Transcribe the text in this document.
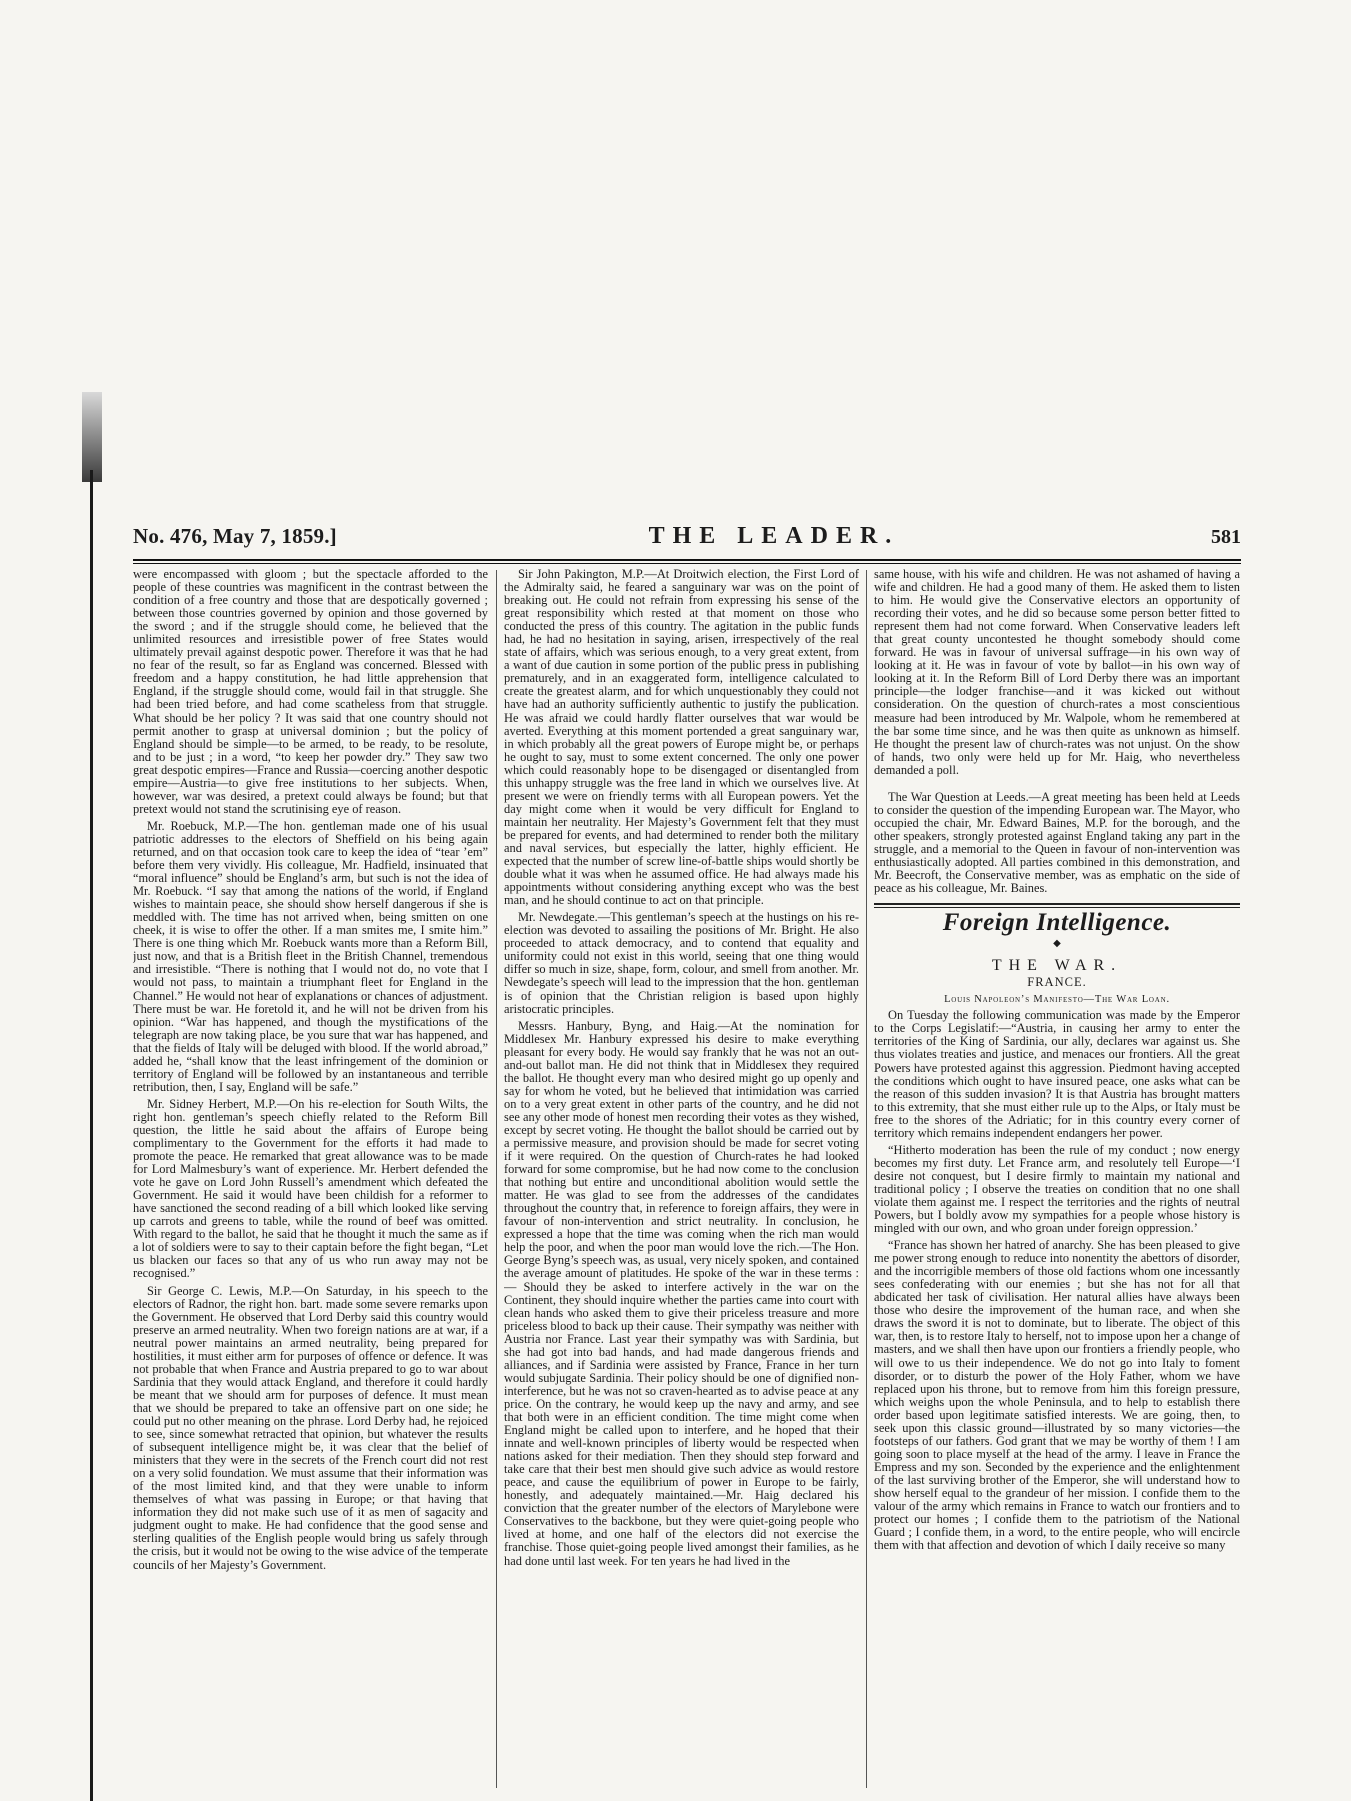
No. 476, May 7, 1859.]	THE LEADER.	581

were encompassed with gloom ; but the spectacle afforded to the people of these countries was magnificent in the contrast between the condition of a free country and those that are despotically governed ; between those countries governed by opinion and those governed by the sword ; and if the struggle should come, he believed that the unlimited resources and irresistible power of free States would ultimately prevail against despotic power. Therefore it was that he had no fear of the result, so far as England was concerned. Blessed with freedom and a happy constitution, he had little apprehension that England, if the struggle should come, would fail in that struggle. She had been tried before, and had come scatheless from that struggle. What should be her policy ? It was said that one country should not permit another to grasp at universal dominion ; but the policy of England should be simple—to be armed, to be ready, to be resolute, and to be just ; in a word, “to keep her powder dry.” They saw two great despotic empires—France and Russia—coercing another despotic empire—Austria—to give free institutions to her subjects. When, however, war was desired, a pretext could always be found; but that pretext would not stand the scrutinising eye of reason.

Mr. Roebuck, M.P.—The hon. gentleman made one of his usual patriotic addresses to the electors of Sheffield on his being again returned, and on that occasion took care to keep the idea of “tear ’em” before them very vividly. His colleague, Mr. Hadfield, insinuated that “moral influence” should be England’s arm, but such is not the idea of Mr. Roebuck. “I say that among the nations of the world, if England wishes to maintain peace, she should show herself dangerous if she is meddled with. The time has not arrived when, being smitten on one cheek, it is wise to offer the other. If a man smites me, I smite him.” There is one thing which Mr. Roebuck wants more than a Reform Bill, just now, and that is a British fleet in the British Channel, tremendous and irresistible. “There is nothing that I would not do, no vote that I would not pass, to maintain a triumphant fleet for England in the Channel.” He would not hear of explanations or chances of adjustment. There must be war. He foretold it, and he will not be driven from his opinion. “War has happened, and though the mystifications of the telegraph are now taking place, be you sure that war has happened, and that the fields of Italy will be deluged with blood. If the world abroad,” added he, “shall know that the least infringement of the dominion or territory of England will be followed by an instantaneous and terrible retribution, then, I say, England will be safe.”

Mr. Sidney Herbert, M.P.—On his re-election for South Wilts, the right hon. gentleman’s speech chiefly related to the Reform Bill question, the little he said about the affairs of Europe being complimentary to the Government for the efforts it had made to promote the peace. He remarked that great allowance was to be made for Lord Malmesbury’s want of experience. Mr. Herbert defended the vote he gave on Lord John Russell’s amendment which defeated the Government. He said it would have been childish for a reformer to have sanctioned the second reading of a bill which looked like serving up carrots and greens to table, while the round of beef was omitted. With regard to the ballot, he said that he thought it much the same as if a lot of soldiers were to say to their captain before the fight began, “Let us blacken our faces so that any of us who run away may not be recognised.”

Sir George C. Lewis, M.P.—On Saturday, in his speech to the electors of Radnor, the right hon. bart. made some severe remarks upon the Government. He observed that Lord Derby said this country would preserve an armed neutrality. When two foreign nations are at war, if a neutral power maintains an armed neutrality, being prepared for hostilities, it must either arm for purposes of offence or defence. It was not probable that when France and Austria prepared to go to war about Sardinia that they would attack England, and therefore it could hardly be meant that we should arm for purposes of defence. It must mean that we should be prepared to take an offensive part on one side; he could put no other meaning on the phrase. Lord Derby had, he rejoiced to see, since somewhat retracted that opinion, but whatever the results of subsequent intelligence might be, it was clear that the belief of ministers that they were in the secrets of the French court did not rest on a very solid foundation. We must assume that their information was of the most limited kind, and that they were unable to inform themselves of what was passing in Europe; or that having that information they did not make such use of it as men of sagacity and judgment ought to make. He had confidence that the good sense and sterling qualities of the English people would bring us safely through the crisis, but it would not be owing to the wise advice of the temperate councils of her Majesty’s Government.

Sir John Pakington, M.P.—At Droitwich election, the First Lord of the Admiralty said, he feared a sanguinary war was on the point of breaking out. He could not refrain from expressing his sense of the great responsibility which rested at that moment on those who conducted the press of this country. The agitation in the public funds had, he had no hesitation in saying, arisen, irrespectively of the real state of affairs, which was serious enough, to a very great extent, from a want of due caution in some portion of the public press in publishing prematurely, and in an exaggerated form, intelligence calculated to create the greatest alarm, and for which unquestionably they could not have had an authority sufficiently authentic to justify the publication. He was afraid we could hardly flatter ourselves that war would be averted. Everything at this moment portended a great sanguinary war, in which probably all the great powers of Europe might be, or perhaps he ought to say, must to some extent concerned. The only one power which could reasonably hope to be disengaged or disentangled from this unhappy struggle was the free land in which we ourselves live. At present we were on friendly terms with all European powers. Yet the day might come when it would be very difficult for England to maintain her neutrality. Her Majesty’s Government felt that they must be prepared for events, and had determined to render both the military and naval services, but especially the latter, highly efficient. He expected that the number of screw line-of-battle ships would shortly be double what it was when he assumed office. He had always made his appointments without considering anything except who was the best man, and he should continue to act on that principle.

Mr. Newdegate.—This gentleman’s speech at the hustings on his re-election was devoted to assailing the positions of Mr. Bright. He also proceeded to attack democracy, and to contend that equality and uniformity could not exist in this world, seeing that one thing would differ so much in size, shape, form, colour, and smell from another. Mr. Newdegate’s speech will lead to the impression that the hon. gentleman is of opinion that the Christian religion is based upon highly aristocratic principles.

Messrs. Hanbury, Byng, and Haig.—At the nomination for Middlesex Mr. Hanbury expressed his desire to make everything pleasant for every body. He would say frankly that he was not an out-and-out ballot man. He did not think that in Middlesex they required the ballot. He thought every man who desired might go up openly and say for whom he voted, but he believed that intimidation was carried on to a very great extent in other parts of the country, and he did not see any other mode of honest men recording their votes as they wished, except by secret voting. He thought the ballot should be carried out by a permissive measure, and provision should be made for secret voting if it were required. On the question of Church-rates he had looked forward for some compromise, but he had now come to the conclusion that nothing but entire and unconditional abolition would settle the matter. He was glad to see from the addresses of the candidates throughout the country that, in reference to foreign affairs, they were in favour of non-intervention and strict neutrality. In conclusion, he expressed a hope that the time was coming when the rich man would help the poor, and when the poor man would love the rich.—The Hon. George Byng’s speech was, as usual, very nicely spoken, and contained the average amount of platitudes. He spoke of the war in these terms :— Should they be asked to interfere actively in the war on the Continent, they should inquire whether the parties came into court with clean hands who asked them to give their priceless treasure and more priceless blood to back up their cause. Their sympathy was neither with Austria nor France. Last year their sympathy was with Sardinia, but she had got into bad hands, and had made dangerous friends and alliances, and if Sardinia were assisted by France, France in her turn would subjugate Sardinia. Their policy should be one of dignified non-interference, but he was not so craven-hearted as to advise peace at any price. On the contrary, he would keep up the navy and army, and see that both were in an efficient condition. The time might come when England might be called upon to interfere, and he hoped that their innate and well-known principles of liberty would be respected when nations asked for their mediation. Then they should step forward and take care that their best men should give such advice as would restore peace, and cause the equilibrium of power in Europe to be fairly, honestly, and adequately maintained.—Mr. Haig declared his conviction that the greater number of the electors of Marylebone were Conservatives to the backbone, but they were quiet-going people who lived at home, and one half of the electors did not exercise the franchise. Those quiet-going people lived amongst their families, as he had done until last week. For ten years he had lived in the

same house, with his wife and children. He was not ashamed of having a wife and children. He had a good many of them. He asked them to listen to him. He would give the Conservative electors an opportunity of recording their votes, and he did so because some person better fitted to represent them had not come forward. When Conservative leaders left that great county uncontested he thought somebody should come forward. He was in favour of universal suffrage—in his own way of looking at it. He was in favour of vote by ballot—in his own way of looking at it. In the Reform Bill of Lord Derby there was an important principle—the lodger franchise—and it was kicked out without consideration. On the question of church-rates a most conscientious measure had been introduced by Mr. Walpole, whom he remembered at the bar some time since, and he was then quite as unknown as himself. He thought the present law of church-rates was not unjust. On the show of hands, two only were held up for Mr. Haig, who nevertheless demanded a poll.

The War Question at Leeds.—A great meeting has been held at Leeds to consider the question of the impending European war. The Mayor, who occupied the chair, Mr. Edward Baines, M.P. for the borough, and the other speakers, strongly protested against England taking any part in the struggle, and a memorial to the Queen in favour of non-intervention was enthusiastically adopted. All parties combined in this demonstration, and Mr. Beecroft, the Conservative member, was as emphatic on the side of peace as his colleague, Mr. Baines.

Foreign Intelligence.
◆
THE WAR.
FRANCE.
Louis Napoleon’s Manifesto—The War Loan.

On Tuesday the following communication was made by the Emperor to the Corps Legislatif:—“Austria, in causing her army to enter the territories of the King of Sardinia, our ally, declares war against us. She thus violates treaties and justice, and menaces our frontiers. All the great Powers have protested against this aggression. Piedmont having accepted the conditions which ought to have insured peace, one asks what can be the reason of this sudden invasion? It is that Austria has brought matters to this extremity, that she must either rule up to the Alps, or Italy must be free to the shores of the Adriatic; for in this country every corner of territory which remains independent endangers her power.

“Hitherto moderation has been the rule of my conduct ; now energy becomes my first duty. Let France arm, and resolutely tell Europe—‘I desire not conquest, but I desire firmly to maintain my national and traditional policy ; I observe the treaties on condition that no one shall violate them against me. I respect the territories and the rights of neutral Powers, but I boldly avow my sympathies for a people whose history is mingled with our own, and who groan under foreign oppression.’

“France has shown her hatred of anarchy. She has been pleased to give me power strong enough to reduce into nonentity the abettors of disorder, and the incorrigible members of those old factions whom one incessantly sees confederating with our enemies ; but she has not for all that abdicated her task of civilisation. Her natural allies have always been those who desire the improvement of the human race, and when she draws the sword it is not to dominate, but to liberate. The object of this war, then, is to restore Italy to herself, not to impose upon her a change of masters, and we shall then have upon our frontiers a friendly people, who will owe to us their independence. We do not go into Italy to foment disorder, or to disturb the power of the Holy Father, whom we have replaced upon his throne, but to remove from him this foreign pressure, which weighs upon the whole Peninsula, and to help to establish there order based upon legitimate satisfied interests. We are going, then, to seek upon this classic ground—illustrated by so many victories—the footsteps of our fathers. God grant that we may be worthy of them ! I am going soon to place myself at the head of the army. I leave in France the Empress and my son. Seconded by the experience and the enlightenment of the last surviving brother of the Emperor, she will understand how to show herself equal to the grandeur of her mission. I confide them to the valour of the army which remains in France to watch our frontiers and to protect our homes ; I confide them to the patriotism of the National Guard ; I confide them, in a word, to the entire people, who will encircle them with that affection and devotion of which I daily receive so many
